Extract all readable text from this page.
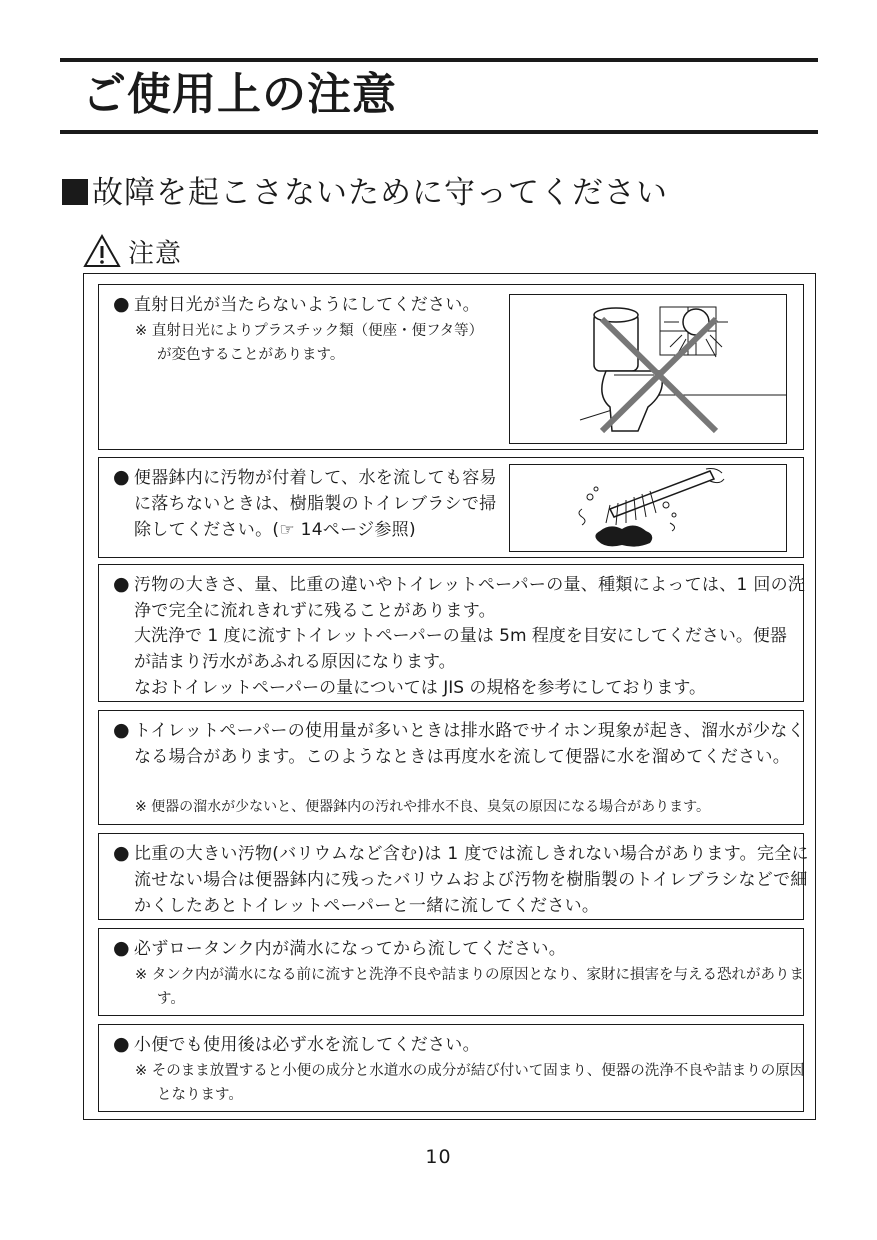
ご使用上の注意
故障を起こさないために守ってください
注意

● 直射日光が当たらないようにしてください。

※ 直射日光によりプラスチック類（便座・便フタ等）が変色することがあります。

● 便器鉢内に汚物が付着して、水を流しても容易に落ちないときは、樹脂製のトイレブラシで掃除してください。(☞ 14ページ参照)

● 汚物の大きさ、量、比重の違いやトイレットペーパーの量、種類によっては、1 回の洗浄で完全に流れきれずに残ることがあります。

大洗浄で 1 度に流すトイレットペーパーの量は 5m 程度を目安にしてください。便器が詰まり汚水があふれる原因になります。

なおトイレットペーパーの量については JIS の規格を参考にしております。

● トイレットペーパーの使用量が多いときは排水路でサイホン現象が起き、溜水が少なくなる場合があります。このようなときは再度水を流して便器に水を溜めてください。

※ 便器の溜水が少ないと、便器鉢内の汚れや排水不良、臭気の原因になる場合があります。

● 比重の大きい汚物(バリウムなど含む)は 1 度では流しきれない場合があります。完全に流せない場合は便器鉢内に残ったバリウムおよび汚物を樹脂製のトイレブラシなどで細かくしたあとトイレットペーパーと一緒に流してください。

● 必ずロータンク内が満水になってから流してください。

※ タンク内が満水になる前に流すと洗浄不良や詰まりの原因となり、家財に損害を与える恐れがあります。

● 小便でも使用後は必ず水を流してください。

※ そのまま放置すると小便の成分と水道水の成分が結び付いて固まり、便器の洗浄不良や詰まりの原因となります。

10
